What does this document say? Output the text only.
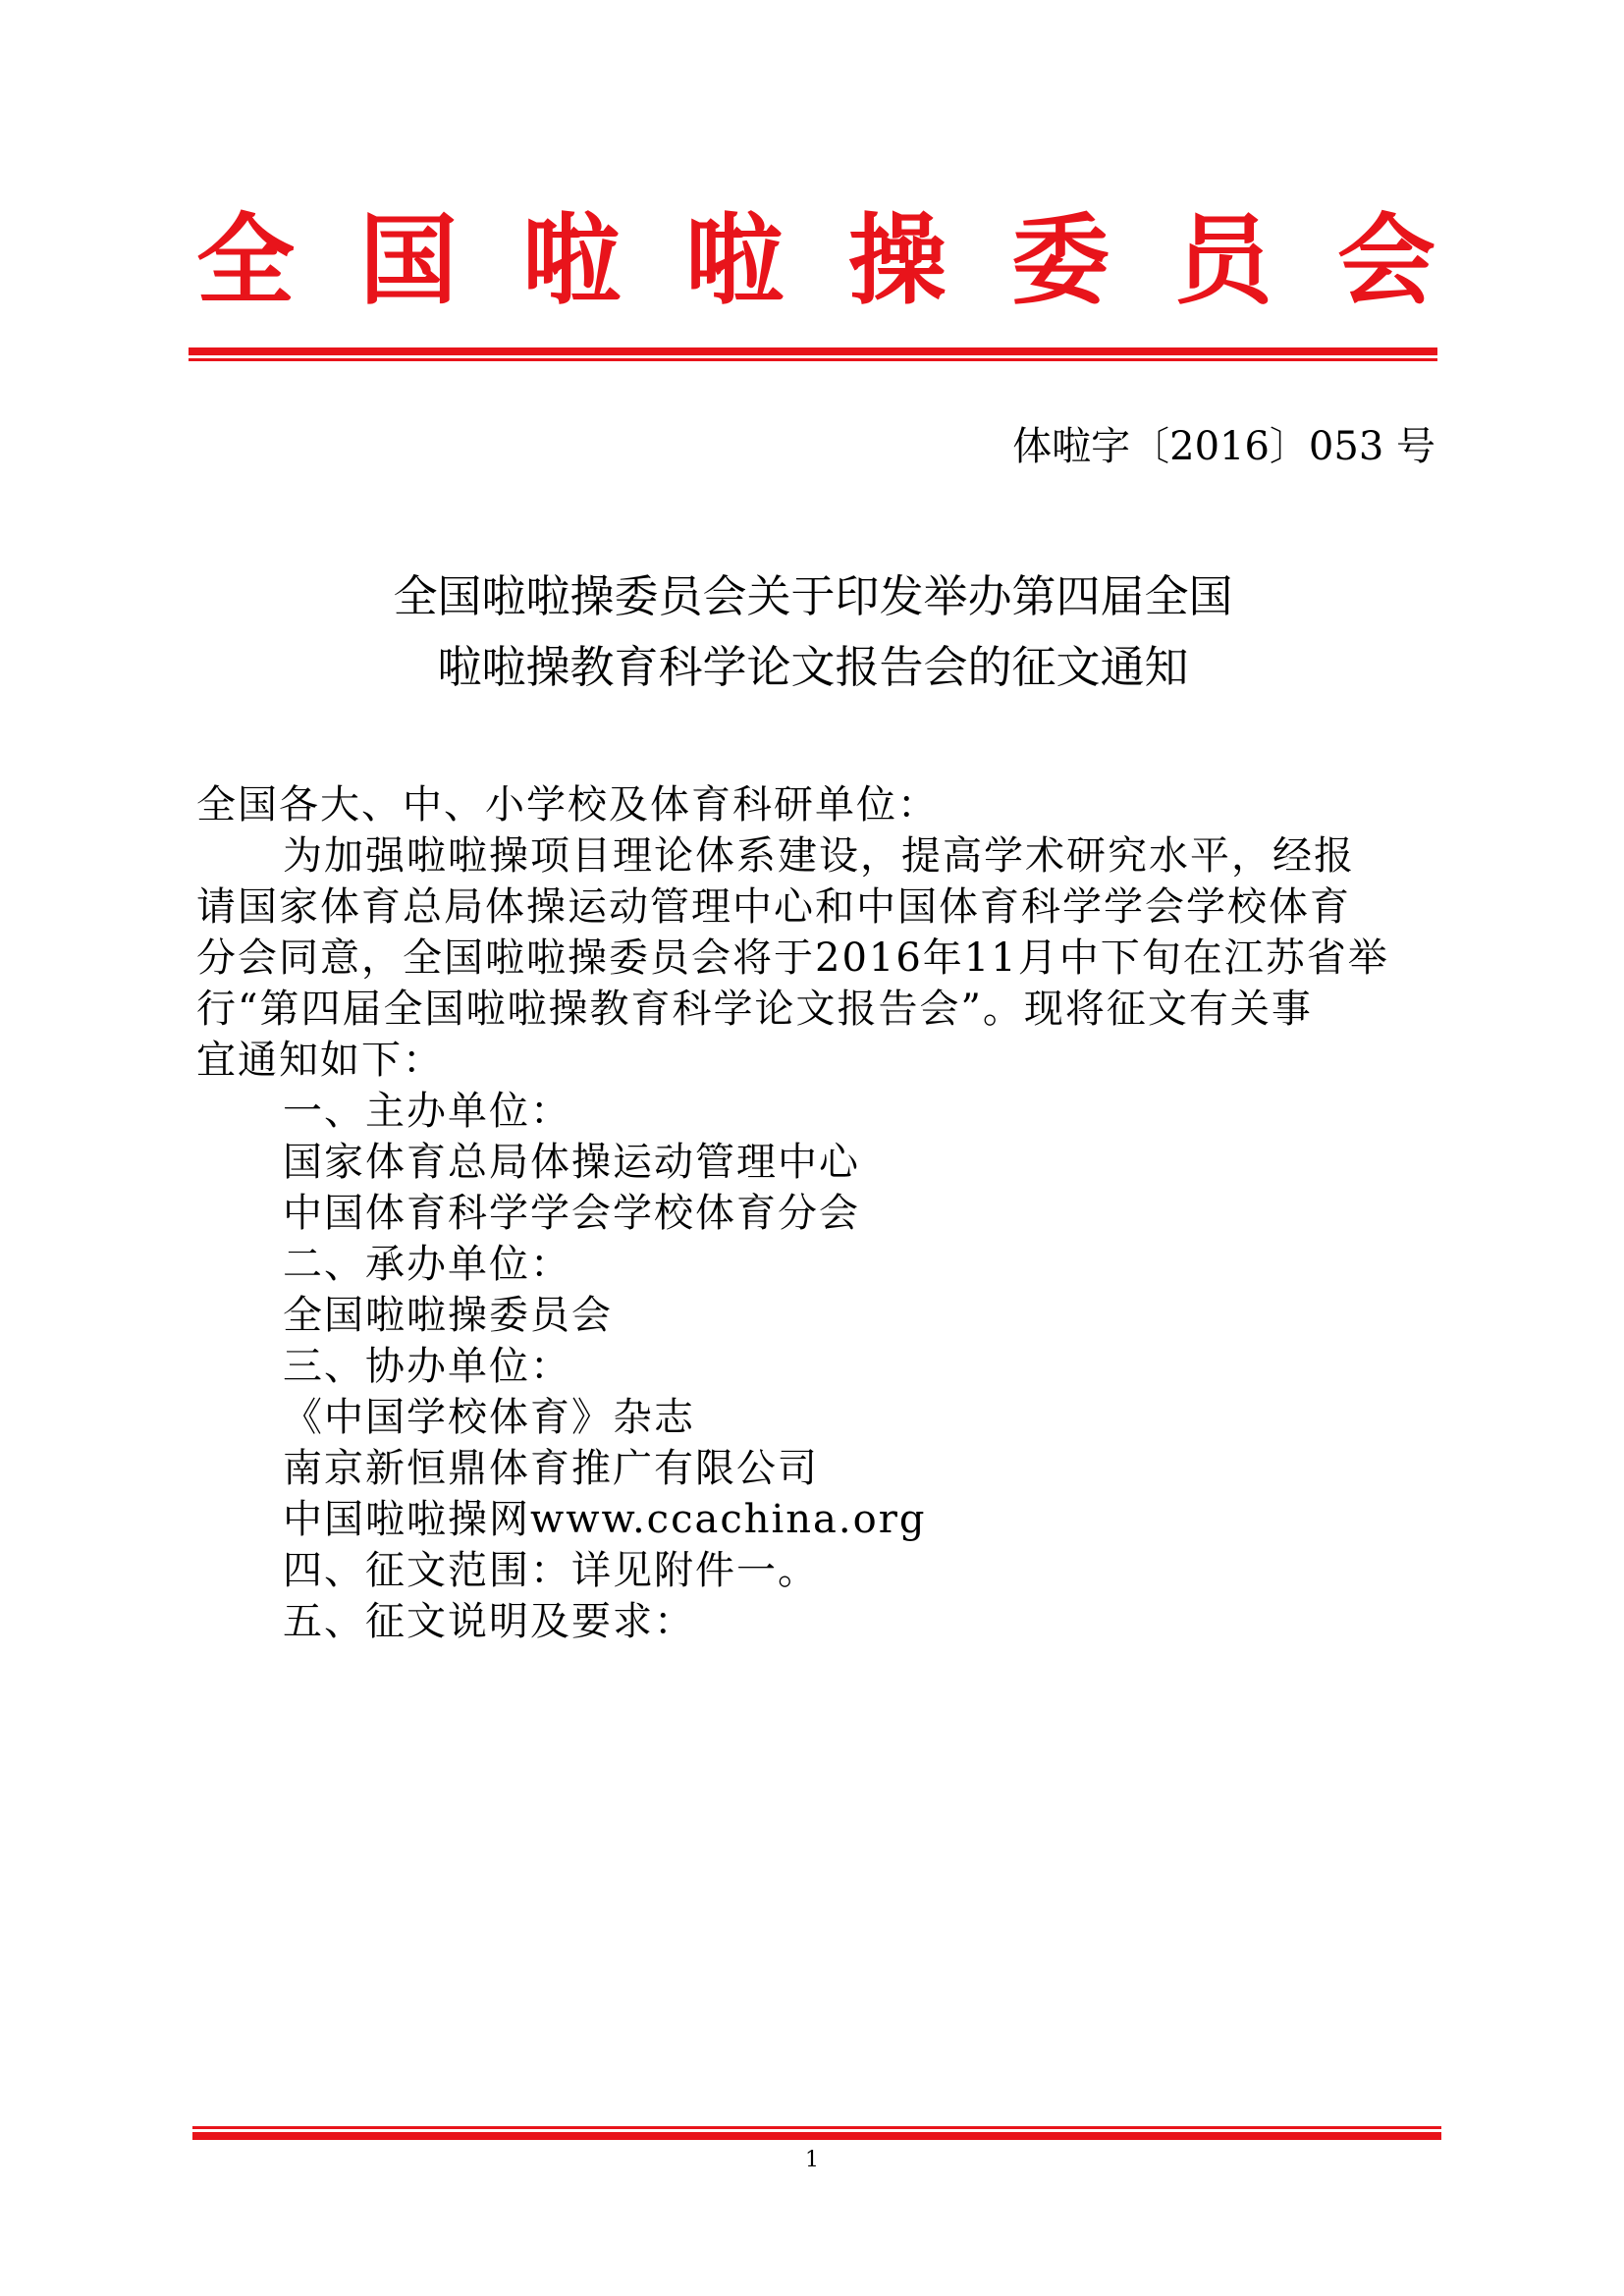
全 国 啦 啦 操 委 员 会
体啦字〔2016〕053 号
全国啦啦操委员会关于印发举办第四届全国
啦啦操教育科学论文报告会的征文通知

全国各大、中、小学校及体育科研单位：

为加强啦啦操项目理论体系建设，提高学术研究水平，经报

请国家体育总局体操运动管理中心和中国体育科学学会学校体育

分会同意，全国啦啦操委员会将于2016年11月中下旬在江苏省举

行“第四届全国啦啦操教育科学论文报告会”。现将征文有关事

宜通知如下：

一、主办单位：

国家体育总局体操运动管理中心

中国体育科学学会学校体育分会

二、承办单位：

全国啦啦操委员会

三、协办单位：

《中国学校体育》杂志

南京新恒鼎体育推广有限公司

中国啦啦操网www.ccachina.org

四、征文范围：详见附件一。

五、征文说明及要求：

1
